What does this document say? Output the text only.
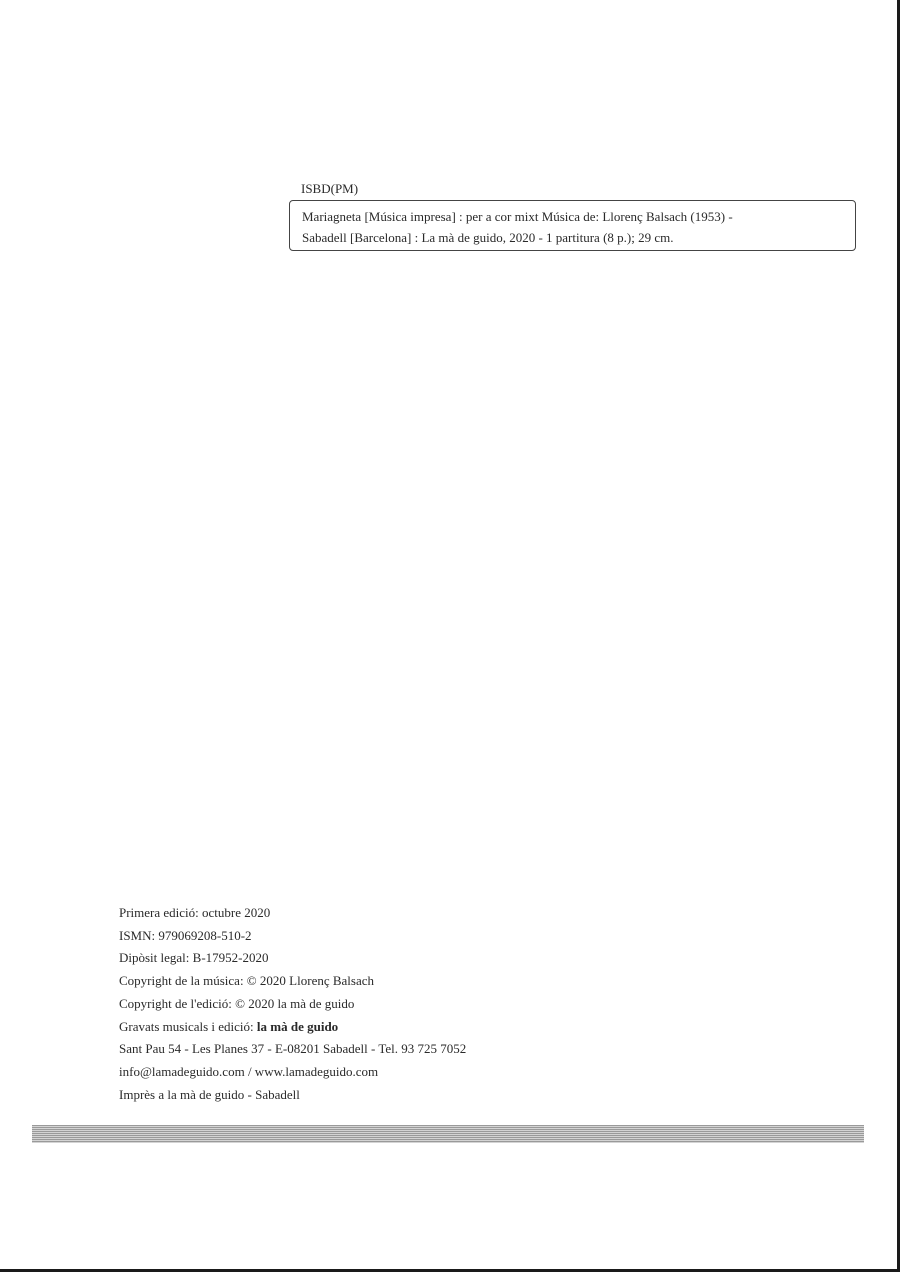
ISBD(PM)
Mariagneta [Música impresa] : per a cor mixt Música de: Llorenç Balsach (1953) -
Sabadell [Barcelona] : La mà de guido, 2020 - 1 partitura (8 p.); 29 cm.
Primera edició: octubre 2020
ISMN: 979069208-510-2
Dipòsit legal: B-17952-2020
Copyright de la música: © 2020 Llorenç Balsach
Copyright de l'edició: © 2020 la mà de guido
Gravats musicals i edició: la mà de guido
Sant Pau 54 - Les Planes 37 - E-08201 Sabadell - Tel. 93 725 7052
info@lamadeguido.com / www.lamadeguido.com
Imprès a la mà de guido - Sabadell
